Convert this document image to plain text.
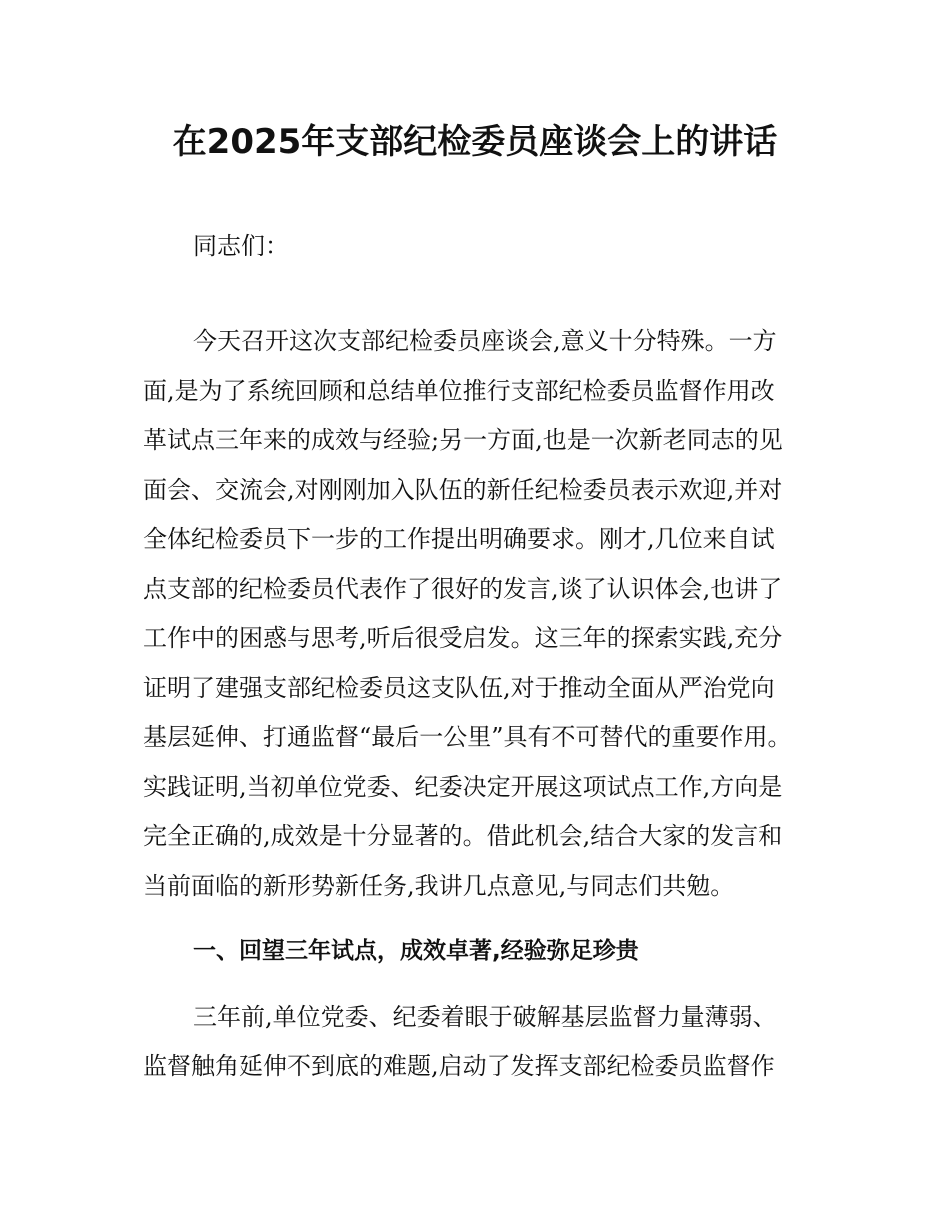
在2025年支部纪检委员座谈会上的讲话
同志们：
今天召开这次支部纪检委员座谈会,意义十分特殊。一方
面,是为了系统回顾和总结单位推行支部纪检委员监督作用改
革试点三年来的成效与经验;另一方面,也是一次新老同志的见
面会、交流会,对刚刚加入队伍的新任纪检委员表示欢迎,并对
全体纪检委员下一步的工作提出明确要求。刚才,几位来自试
点支部的纪检委员代表作了很好的发言,谈了认识体会,也讲了
工作中的困惑与思考,听后很受启发。这三年的探索实践,充分
证明了建强支部纪检委员这支队伍,对于推动全面从严治党向
基层延伸、打通监督“最后一公里”具有不可替代的重要作用。
实践证明,当初单位党委、纪委决定开展这项试点工作,方向是
完全正确的,成效是十分显著的。借此机会,结合大家的发言和
当前面临的新形势新任务,我讲几点意见,与同志们共勉。
一、回望三年试点，成效卓著,经验弥足珍贵
三年前,单位党委、纪委着眼于破解基层监督力量薄弱、
监督触角延伸不到底的难题,启动了发挥支部纪检委员监督作
